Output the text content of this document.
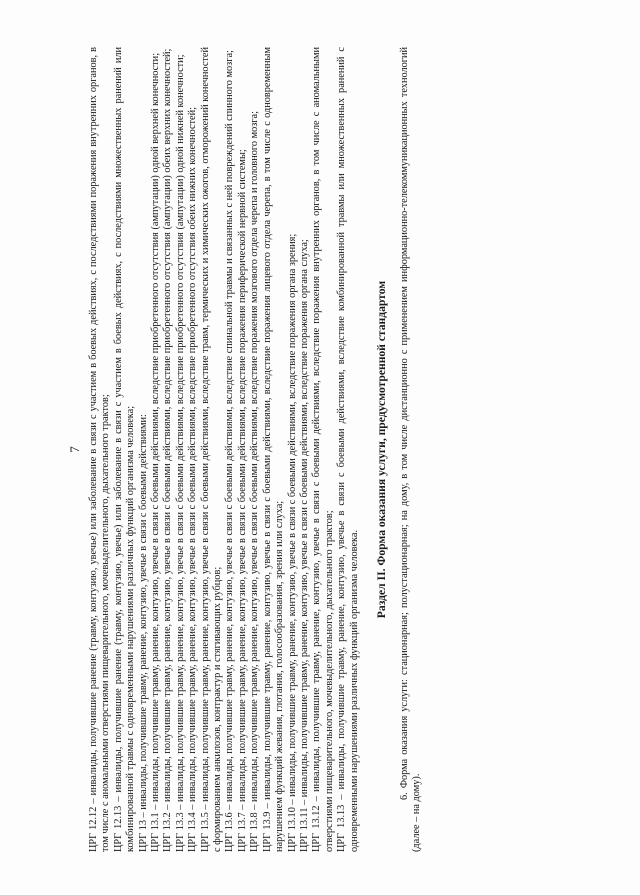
7 ЦРГ 12.12 – инвалиды, получившие ранение (травму, контузию, увечье) или заболевание в связи с участием в боевых действиях, с последствиями поражения внутренних органов, в том числе с аномальными отверстиями пищеварительного, мочевыделительного, дыхательного трактов; ЦРГ 12.13 – инвалиды, получившие ранение (травму, контузию, увечье) или заболевание в связи с участием в боевых действиях, с последствиями множественных ранений или комбинированной травмы с одновременными нарушениями различных функций организма человека; ЦРГ 13 – инвалиды, получившие травму, ранение, контузию, увечье в связи с боевыми действиями: ЦРГ 13.1 – инвалиды, получившие травму, ранение, контузию, увечье в связи с боевыми действиями, вследствие приобретенного отсутствия (ампутации) одной верхней конечности; ЦРГ 13.2 – инвалиды, получившие травму, ранение, контузию, увечье в связи с боевыми действиями, вследствие приобретенного отсутствия (ампутации) обеих верхних конечностей; ЦРГ 13.3 – инвалиды, получившие травму, ранение, контузию, увечье в связи с боевыми действиями, вследствие приобретенного отсутствия (ампутации) одной нижней конечности; ЦРГ 13.4 – инвалиды, получившие травму, ранение, контузию, увечье в связи с боевыми действиями, вследствие приобретенного отсутствия обеих нижних конечностей; ЦРГ 13.5 – инвалиды, получившие травму, ранение, контузию, увечье в связи с боевыми действиями, вследствие травм, термических и химических ожогов, отморожений конечностей с формированием анкилозов, контрактур и стягивающих рубцов; ЦРГ 13.6 – инвалиды, получившие травму, ранение, контузию, увечье в связи с боевыми действиями, вследствие спинальной травмы и связанных с ней повреждений спинного мозга; ЦРГ 13.7 – инвалиды, получившие травму, ранение, контузию, увечье в связи с боевыми действиями, вследствие поражения периферической нервной системы; ЦРГ 13.8 – инвалиды, получившие травму, ранение, контузию, увечье в связи с боевыми действиями, вследствие поражения мозгового отдела черепа и головного мозга; ЦРГ 13.9 – инвалиды, получившие травму, ранение, контузию, увечье в связи с боевыми действиями, вследствие поражения лицевого отдела черепа, в том числе с одновременным нарушением функций жевания, глотания, голосообразования, зрения или слуха; ЦРГ 13.10 – инвалиды, получившие травму, ранение, контузию, увечье в связи с боевыми действиями, вследствие поражения органа зрения; ЦРГ 13.11 – инвалиды, получившие травму, ранение, контузию, увечье в связи с боевыми действиями, вследствие поражения органа слуха; ЦРГ 13.12 – инвалиды, получившие травму, ранение, контузию, увечье в связи с боевыми действиями, вследствие поражения внутренних органов, в том числе с аномальными отверстиями пищеварительного, мочевыделительного, дыхательного трактов; ЦРГ 13.13 – инвалиды, получившие травму, ранение, контузию, увечье в связи с боевыми действиями, вследствие комбинированной травмы или множественных ранений с одновременными нарушениями различных функций организма человека.

Раздел II. Форма оказания услуги, предусмотренной стандартом 6. Форма оказания услуги: стационарная; полустационарная; на дому, в том числе дистанционно с применением информационно-телекоммуникационных технологий (далее – на дому).
